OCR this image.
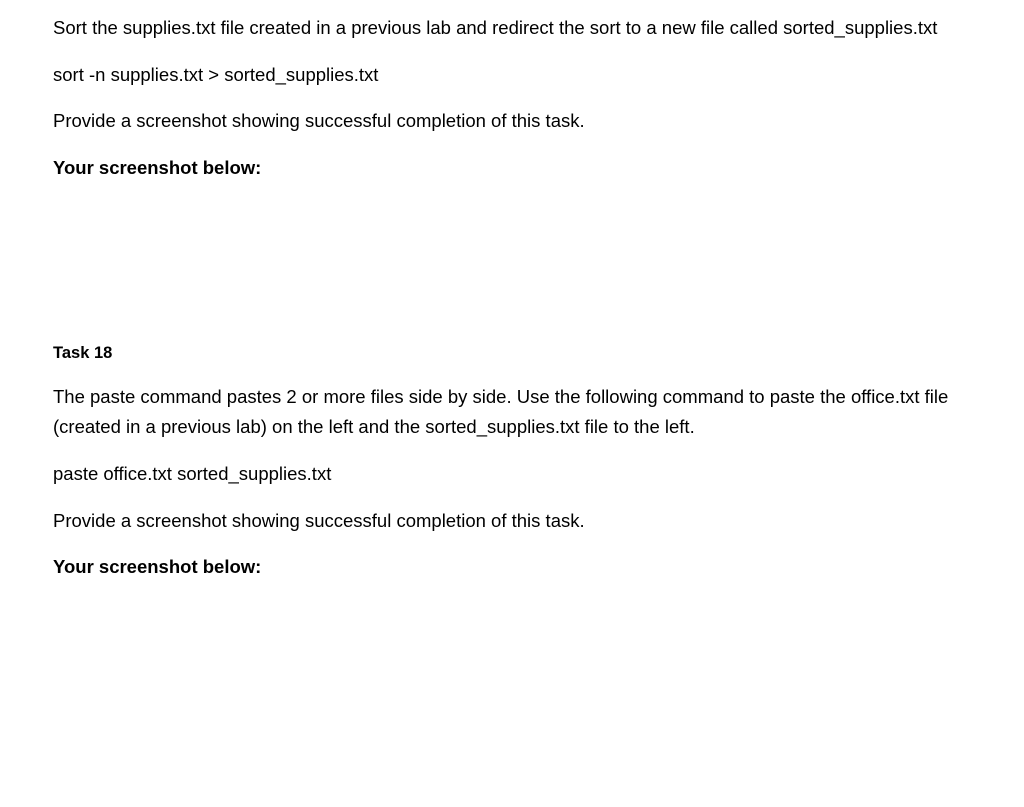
Sort the supplies.txt file created in a previous lab and redirect the sort to a new file called sorted_supplies.txt

sort -n supplies.txt > sorted_supplies.txt

Provide a screenshot showing successful completion of this task.

Your screenshot below:

Task 18

The paste command pastes 2 or more files side by side. Use the following command to paste the office.txt file

(created in a previous lab) on the left and the sorted_supplies.txt file to the left.

paste office.txt sorted_supplies.txt

Provide a screenshot showing successful completion of this task.

Your screenshot below:
